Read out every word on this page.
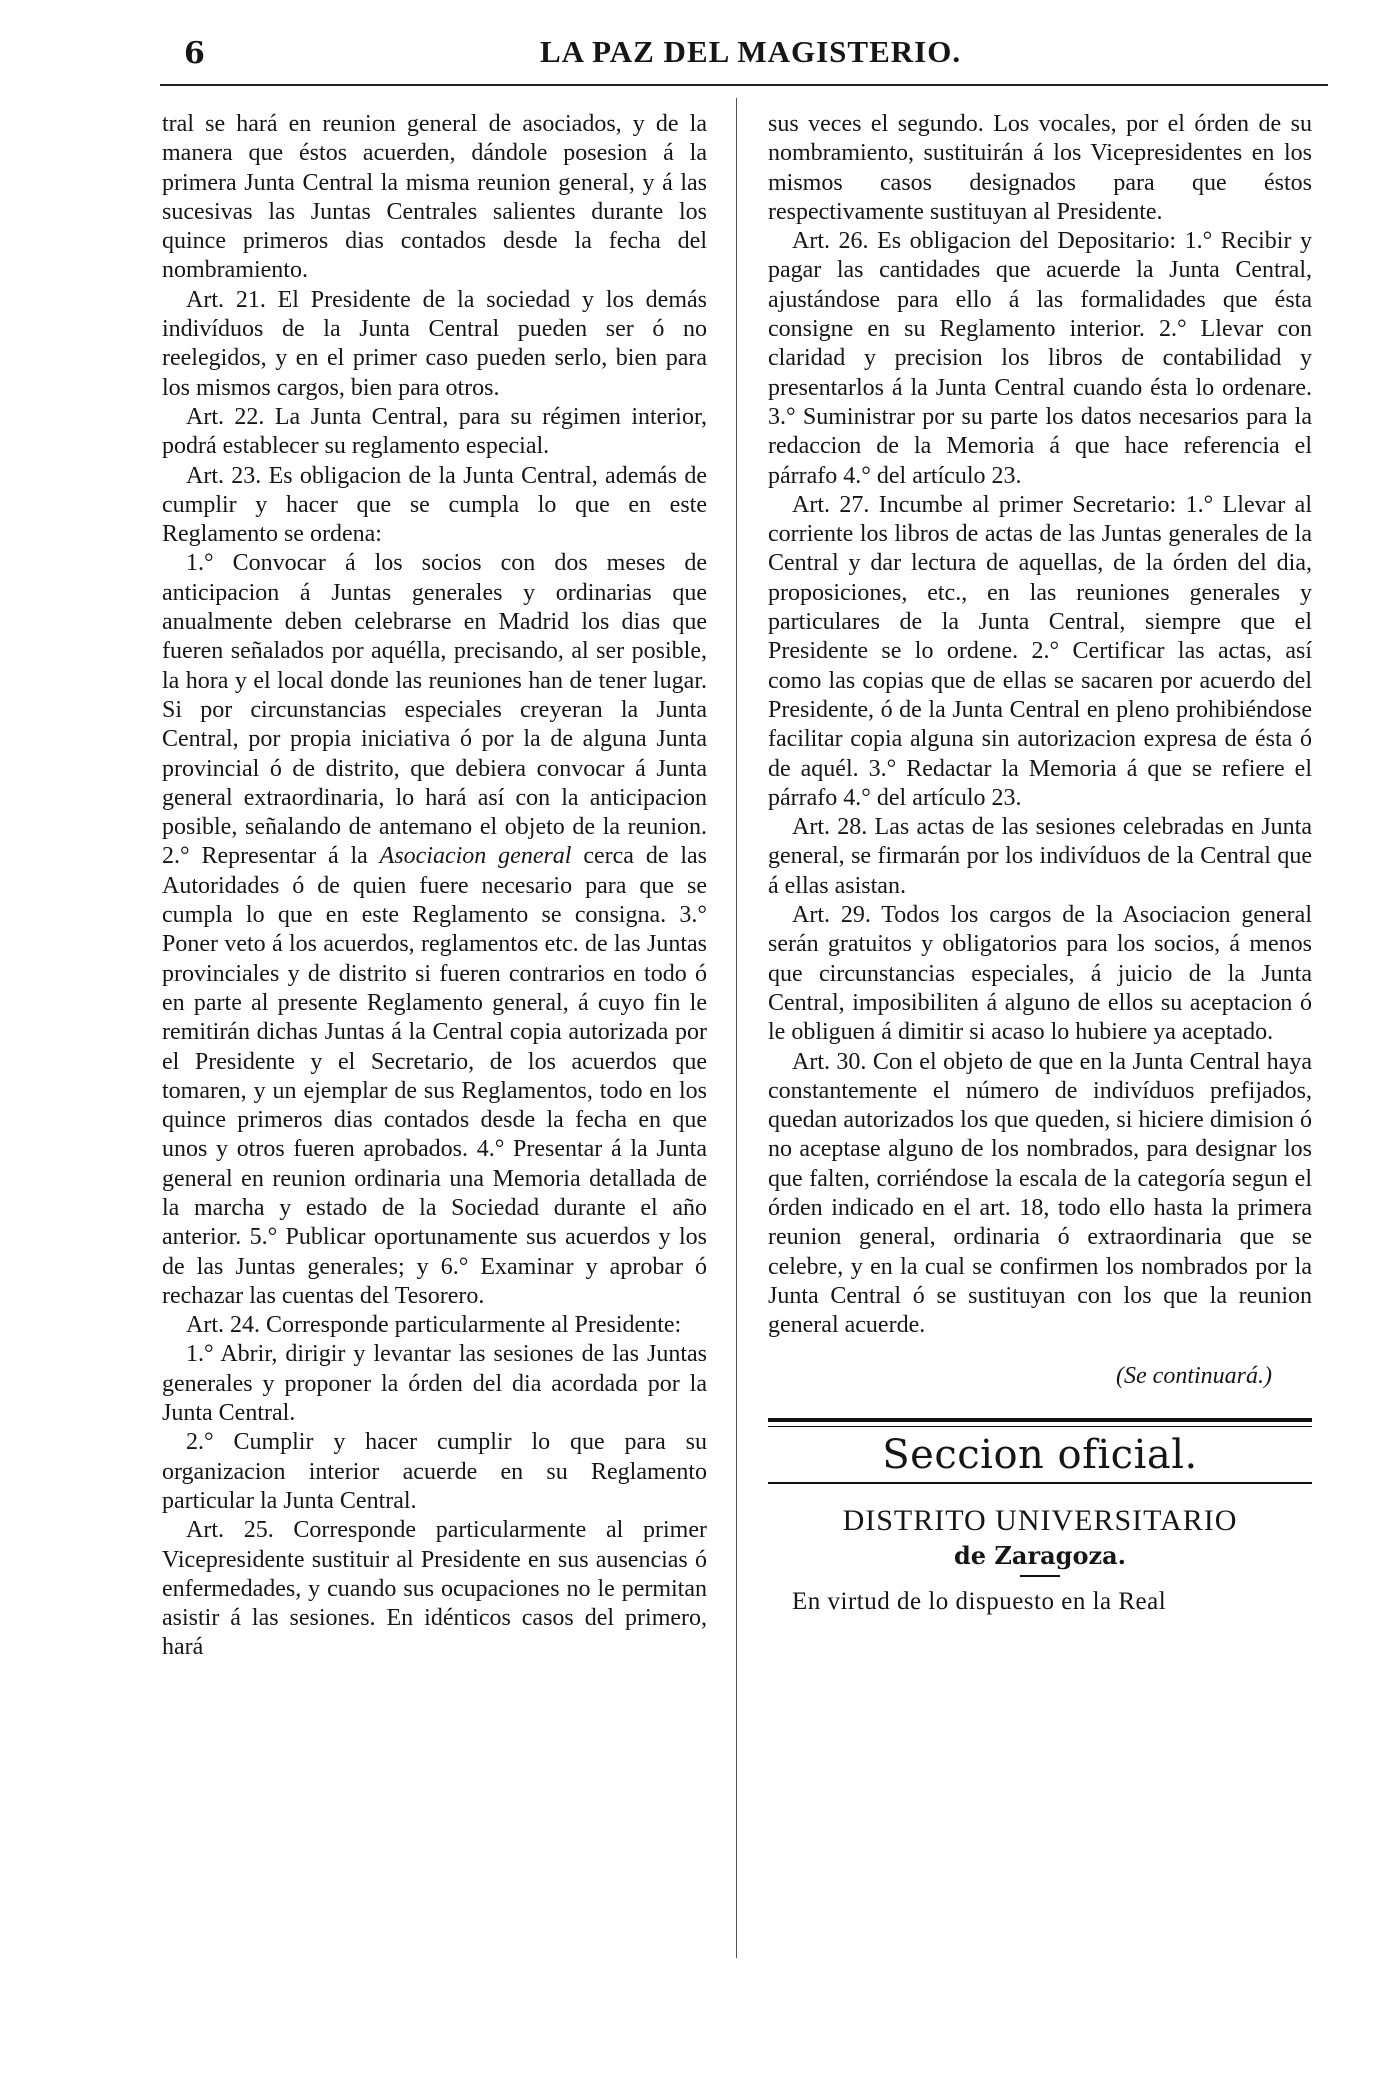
6	LA PAZ DEL MAGISTERIO.

tral se hará en reunion general de asociados, y de la manera que éstos acuerden, dándole posesion á la primera Junta Central la misma reunion general, y á las sucesivas las Juntas Centrales salientes durante los quince primeros dias contados desde la fecha del nombramiento.

Art. 21. El Presidente de la sociedad y los demás indivíduos de la Junta Central pueden ser ó no reelegidos, y en el primer caso pueden serlo, bien para los mismos cargos, bien para otros.

Art. 22. La Junta Central, para su régimen interior, podrá establecer su reglamento especial.

Art. 23. Es obligacion de la Junta Central, además de cumplir y hacer que se cumpla lo que en este Reglamento se ordena:

1.° Convocar á los socios con dos meses de anticipacion á Juntas generales y ordinarias que anualmente deben celebrarse en Madrid los dias que fueren señalados por aquélla, precisando, al ser posible, la hora y el local donde las reuniones han de tener lugar. Si por circunstancias especiales creyeran la Junta Central, por propia iniciativa ó por la de alguna Junta provincial ó de distrito, que debiera convocar á Junta general extraordinaria, lo hará así con la anticipacion posible, señalando de antemano el objeto de la reunion. 2.° Representar á la Asociacion general cerca de las Autoridades ó de quien fuere necesario para que se cumpla lo que en este Reglamento se consigna. 3.° Poner veto á los acuerdos, reglamentos etc. de las Juntas provinciales y de distrito si fueren contrarios en todo ó en parte al presente Reglamento general, á cuyo fin le remitirán dichas Juntas á la Central copia autorizada por el Presidente y el Secretario, de los acuerdos que tomaren, y un ejemplar de sus Reglamentos, todo en los quince primeros dias contados desde la fecha en que unos y otros fueren aprobados. 4.° Presentar á la Junta general en reunion ordinaria una Memoria detallada de la marcha y estado de la Sociedad durante el año anterior. 5.° Publicar oportunamente sus acuerdos y los de las Juntas generales; y 6.° Examinar y aprobar ó rechazar las cuentas del Tesorero.

Art. 24. Corresponde particularmente al Presidente:

1.° Abrir, dirigir y levantar las sesiones de las Juntas generales y proponer la órden del dia acordada por la Junta Central.

2.° Cumplir y hacer cumplir lo que para su organizacion interior acuerde en su Reglamento particular la Junta Central.

Art. 25. Corresponde particularmente al primer Vicepresidente sustituir al Presidente en sus ausencias ó enfermedades, y cuando sus ocupaciones no le permitan asistir á las sesiones. En idénticos casos del primero, hará

sus veces el segundo. Los vocales, por el órden de su nombramiento, sustituirán á los Vicepresidentes en los mismos casos designados para que éstos respectivamente sustituyan al Presidente.

Art. 26. Es obligacion del Depositario: 1.° Recibir y pagar las cantidades que acuerde la Junta Central, ajustándose para ello á las formalidades que ésta consigne en su Reglamento interior. 2.° Llevar con claridad y precision los libros de contabilidad y presentarlos á la Junta Central cuando ésta lo ordenare. 3.° Suministrar por su parte los datos necesarios para la redaccion de la Memoria á que hace referencia el párrafo 4.° del artículo 23.

Art. 27. Incumbe al primer Secretario: 1.° Llevar al corriente los libros de actas de las Juntas generales de la Central y dar lectura de aquellas, de la órden del dia, proposiciones, etc., en las reuniones generales y particulares de la Junta Central, siempre que el Presidente se lo ordene. 2.° Certificar las actas, así como las copias que de ellas se sacaren por acuerdo del Presidente, ó de la Junta Central en pleno prohibiéndose facilitar copia alguna sin autorizacion expresa de ésta ó de aquél. 3.° Redactar la Memoria á que se refiere el párrafo 4.° del artículo 23.

Art. 28. Las actas de las sesiones celebradas en Junta general, se firmarán por los indivíduos de la Central que á ellas asistan.

Art. 29. Todos los cargos de la Asociacion general serán gratuitos y obligatorios para los socios, á menos que circunstancias especiales, á juicio de la Junta Central, imposibiliten á alguno de ellos su aceptacion ó le obliguen á dimitir si acaso lo hubiere ya aceptado.

Art. 30. Con el objeto de que en la Junta Central haya constantemente el número de indivíduos prefijados, quedan autorizados los que queden, si hiciere dimision ó no aceptase alguno de los nombrados, para designar los que falten, corriéndose la escala de la categoría segun el órden indicado en el art. 18, todo ello hasta la primera reunion general, ordinaria ó extraordinaria que se celebre, y en la cual se confirmen los nombrados por la Junta Central ó se sustituyan con los que la reunion general acuerde.

(Se continuará.)

Seccion oficial.
DISTRITO UNIVERSITARIO
de Zaragoza.

En virtud de lo dispuesto en la Real
